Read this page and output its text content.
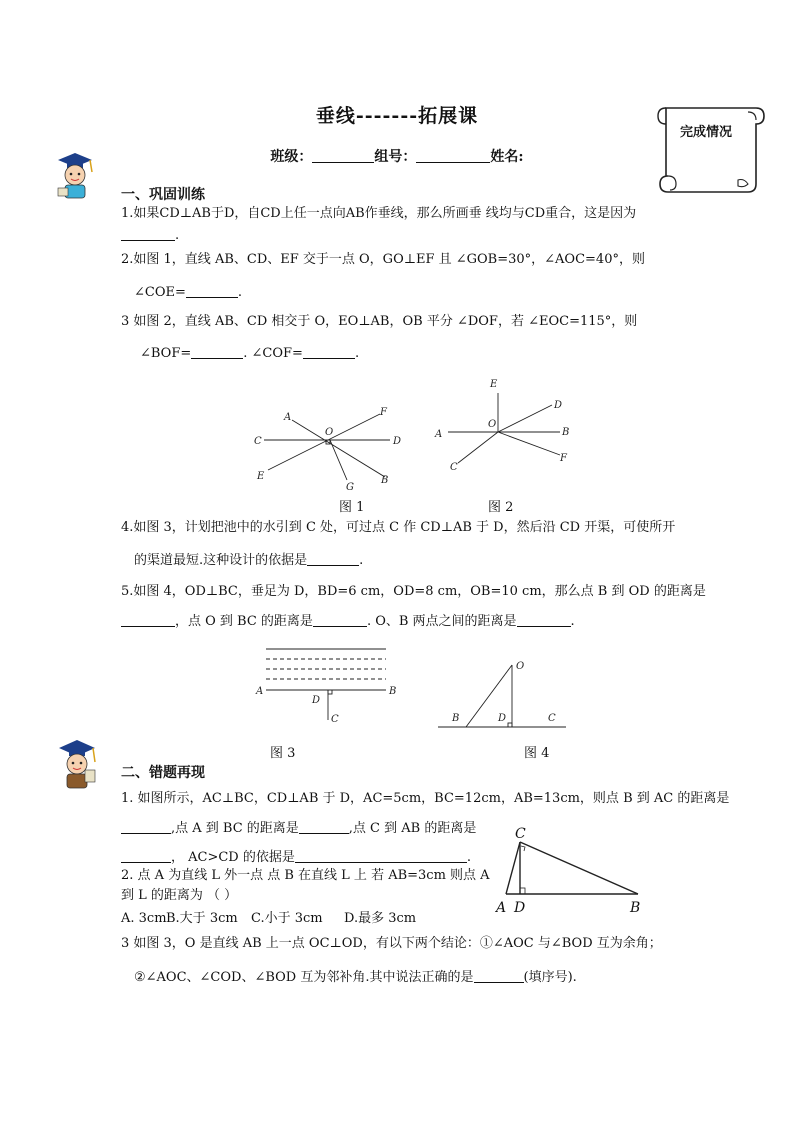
垂线-------拓展课
班级：	组号：	姓名:
完成情况
一、巩固训练
1.如果CD⊥AB于D，自CD上任一点向AB作垂线，那么所画垂 线均与CD重合，这是因为
.
2.如图 1，直线 AB、CD、EF 交于一点 O，GO⊥EF 且 ∠GOB=30°，∠AOC=40°，则
∠COE=	.
3 如图 2，直线 AB、CD 相交于 O，EO⊥AB，OB 平分 ∠DOF，若 ∠EOC=115°，则
∠BOF=	. ∠COF=	.
A	F
C
O
D
E
G
B
图 1
E
D
A
O
B
C
F
图 2
4.如图 3，计划把池中的水引到 C 处，可过点 C 作 CD⊥AB 于 D，然后沿 CD 开渠，可使所开
的渠道最短.这种设计的依据是	.
5.如图 4，OD⊥BC，垂足为 D，BD=6 cm，OD=8 cm，OB=10 cm，那么点 B 到 OD 的距离是
，点 O 到 BC 的距离是	. O、B 两点之间的距离是	.
A	B
D
C
图 3
O
B	D	C
图 4
二、错题再现
1. 如图所示，AC⊥BC，CD⊥AB 于 D，AC=5cm，BC=12cm，AB=13cm，则点 B 到 AC 的距离是
,点 A 到 BC 的距离是	,点 C 到 AB 的距离是
， AC>CD 的依据是	.
2. 点 A 为直线 L 外一点 点 B 在直线 L 上 若 AB=3cm 则点 A
到 L 的距离为 （ ）
A. 3cmB.大于 3cm C.小于 3cm D.最多 3cm
C
A D	B
3 如图 3，O 是直线 AB 上一点 OC⊥OD，有以下两个结论：①∠AOC 与∠BOD 互为余角；
②∠AOC、∠COD、∠BOD 互为邻补角.其中说法正确的是	(填序号).
